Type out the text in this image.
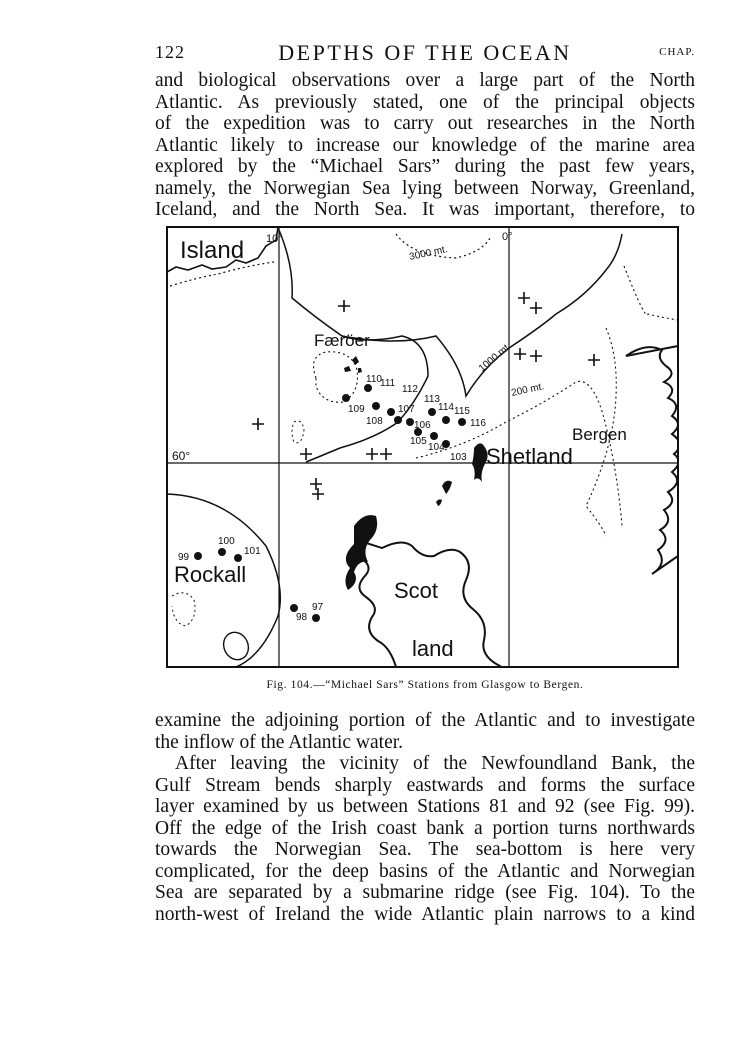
122	DEPTHS OF THE OCEAN	CHAP.
and biological observations over a large part of the North
Atlantic. As previously stated, one of the principal objects
of the expedition was to carry out researches in the North
Atlantic likely to increase our knowledge of the marine area
explored by the “Michael Sars” during the past few years,
namely, the Norwegian Sea lying between Norway, Greenland,
Iceland, and the North Sea. It was important, therefore, to
Island
Færöer
Shetland
Bergen
Rockall
Scot
land
60°
10°	0°
3000 mt.
1000 mt.
200 mt.
98
97
99
100
101
103
104
105
106
107
108
109
110
111
112
113
114 115
116
Fig. 104.—“Michael Sars” Stations from Glasgow to Bergen.
examine the adjoining portion of the Atlantic and to investigate
the inflow of the Atlantic water.
After leaving the vicinity of the Newfoundland Bank, the
Gulf Stream bends sharply eastwards and forms the surface
layer examined by us between Stations 81 and 92 (see Fig. 99).
Off the edge of the Irish coast bank a portion turns northwards
towards the Norwegian Sea. The sea-bottom is here very
complicated, for the deep basins of the Atlantic and Norwegian
Sea are separated by a submarine ridge (see Fig. 104). To the
north-west of Ireland the wide Atlantic plain narrows to a kind
